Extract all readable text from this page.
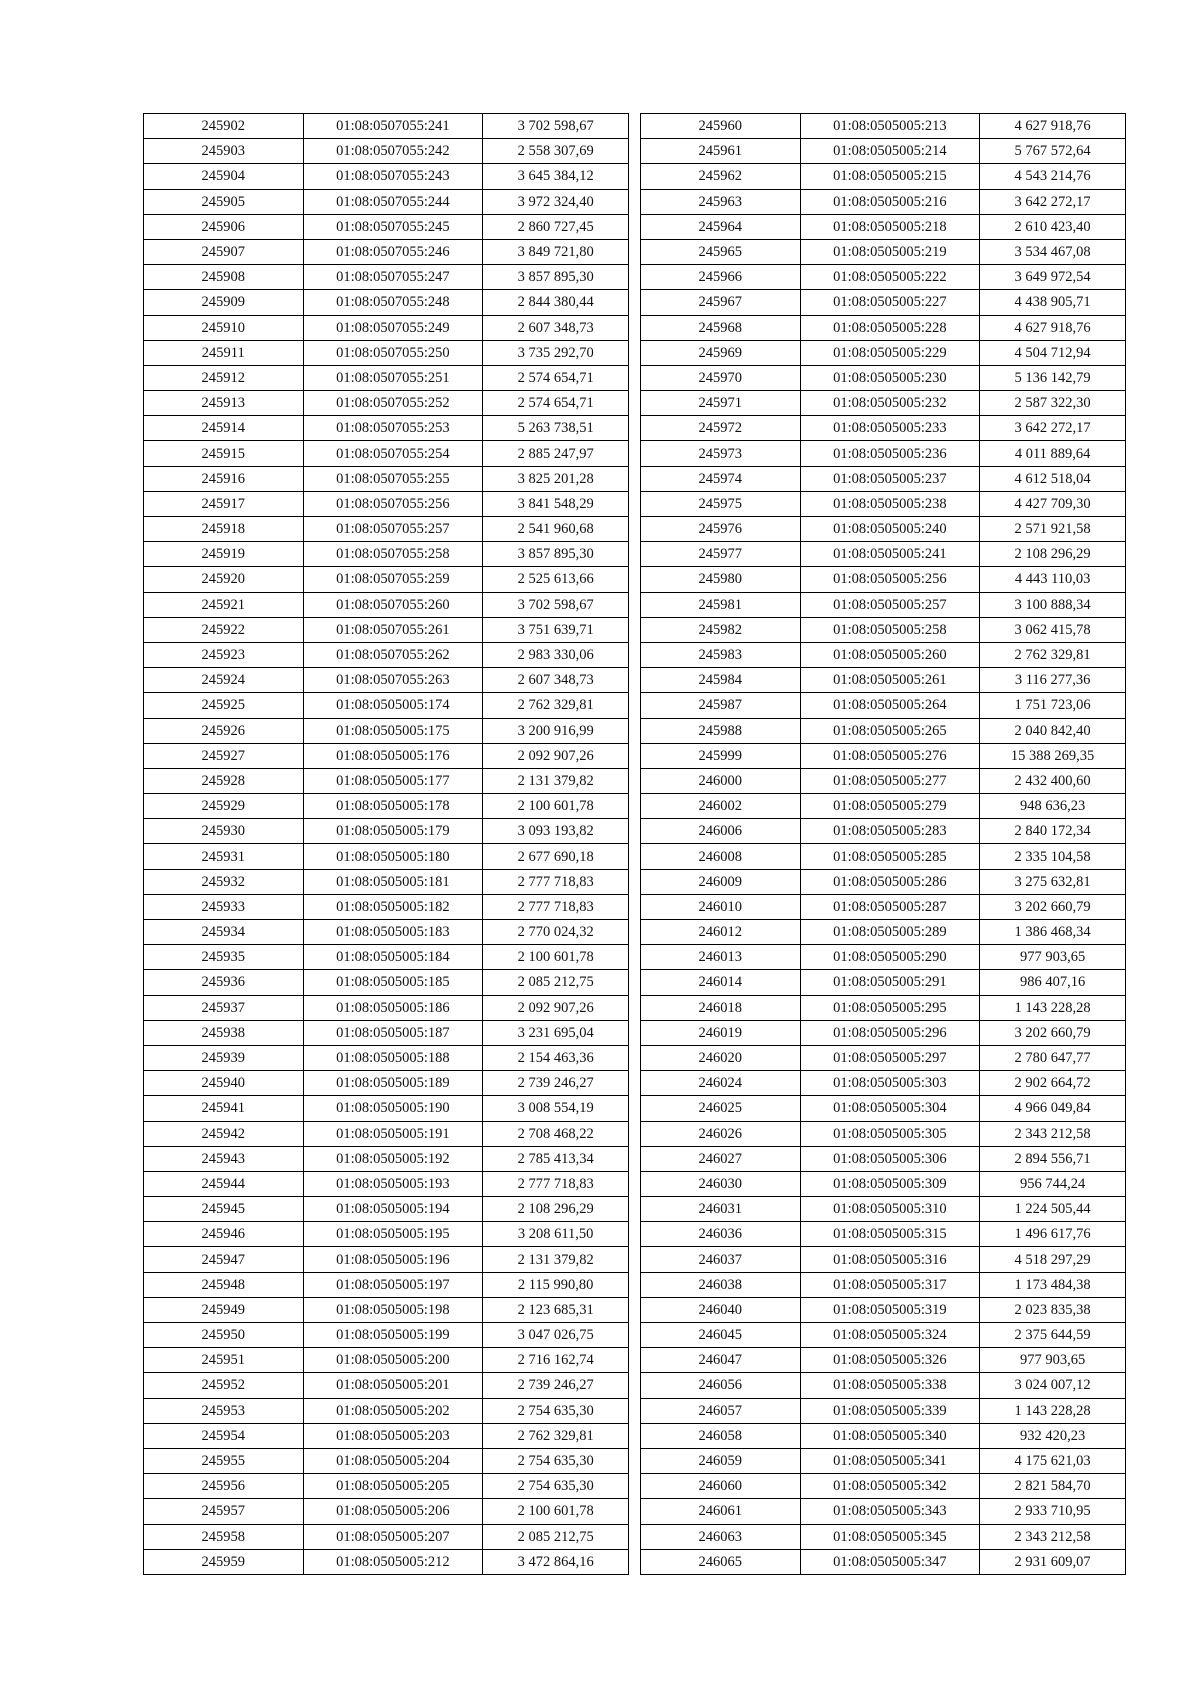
245902	01:08:0507055:241	3 702 598,67
245903	01:08:0507055:242	2 558 307,69
245904	01:08:0507055:243	3 645 384,12
245905	01:08:0507055:244	3 972 324,40
245906	01:08:0507055:245	2 860 727,45
245907	01:08:0507055:246	3 849 721,80
245908	01:08:0507055:247	3 857 895,30
245909	01:08:0507055:248	2 844 380,44
245910	01:08:0507055:249	2 607 348,73
245911	01:08:0507055:250	3 735 292,70
245912	01:08:0507055:251	2 574 654,71
245913	01:08:0507055:252	2 574 654,71
245914	01:08:0507055:253	5 263 738,51
245915	01:08:0507055:254	2 885 247,97
245916	01:08:0507055:255	3 825 201,28
245917	01:08:0507055:256	3 841 548,29
245918	01:08:0507055:257	2 541 960,68
245919	01:08:0507055:258	3 857 895,30
245920	01:08:0507055:259	2 525 613,66
245921	01:08:0507055:260	3 702 598,67
245922	01:08:0507055:261	3 751 639,71
245923	01:08:0507055:262	2 983 330,06
245924	01:08:0507055:263	2 607 348,73
245925	01:08:0505005:174	2 762 329,81
245926	01:08:0505005:175	3 200 916,99
245927	01:08:0505005:176	2 092 907,26
245928	01:08:0505005:177	2 131 379,82
245929	01:08:0505005:178	2 100 601,78
245930	01:08:0505005:179	3 093 193,82
245931	01:08:0505005:180	2 677 690,18
245932	01:08:0505005:181	2 777 718,83
245933	01:08:0505005:182	2 777 718,83
245934	01:08:0505005:183	2 770 024,32
245935	01:08:0505005:184	2 100 601,78
245936	01:08:0505005:185	2 085 212,75
245937	01:08:0505005:186	2 092 907,26
245938	01:08:0505005:187	3 231 695,04
245939	01:08:0505005:188	2 154 463,36
245940	01:08:0505005:189	2 739 246,27
245941	01:08:0505005:190	3 008 554,19
245942	01:08:0505005:191	2 708 468,22
245943	01:08:0505005:192	2 785 413,34
245944	01:08:0505005:193	2 777 718,83
245945	01:08:0505005:194	2 108 296,29
245946	01:08:0505005:195	3 208 611,50
245947	01:08:0505005:196	2 131 379,82
245948	01:08:0505005:197	2 115 990,80
245949	01:08:0505005:198	2 123 685,31
245950	01:08:0505005:199	3 047 026,75
245951	01:08:0505005:200	2 716 162,74
245952	01:08:0505005:201	2 739 246,27
245953	01:08:0505005:202	2 754 635,30
245954	01:08:0505005:203	2 762 329,81
245955	01:08:0505005:204	2 754 635,30
245956	01:08:0505005:205	2 754 635,30
245957	01:08:0505005:206	2 100 601,78
245958	01:08:0505005:207	2 085 212,75
245959	01:08:0505005:212	3 472 864,16
245960	01:08:0505005:213	4 627 918,76
245961	01:08:0505005:214	5 767 572,64
245962	01:08:0505005:215	4 543 214,76
245963	01:08:0505005:216	3 642 272,17
245964	01:08:0505005:218	2 610 423,40
245965	01:08:0505005:219	3 534 467,08
245966	01:08:0505005:222	3 649 972,54
245967	01:08:0505005:227	4 438 905,71
245968	01:08:0505005:228	4 627 918,76
245969	01:08:0505005:229	4 504 712,94
245970	01:08:0505005:230	5 136 142,79
245971	01:08:0505005:232	2 587 322,30
245972	01:08:0505005:233	3 642 272,17
245973	01:08:0505005:236	4 011 889,64
245974	01:08:0505005:237	4 612 518,04
245975	01:08:0505005:238	4 427 709,30
245976	01:08:0505005:240	2 571 921,58
245977	01:08:0505005:241	2 108 296,29
245980	01:08:0505005:256	4 443 110,03
245981	01:08:0505005:257	3 100 888,34
245982	01:08:0505005:258	3 062 415,78
245983	01:08:0505005:260	2 762 329,81
245984	01:08:0505005:261	3 116 277,36
245987	01:08:0505005:264	1 751 723,06
245988	01:08:0505005:265	2 040 842,40
245999	01:08:0505005:276	15 388 269,35
246000	01:08:0505005:277	2 432 400,60
246002	01:08:0505005:279	948 636,23
246006	01:08:0505005:283	2 840 172,34
246008	01:08:0505005:285	2 335 104,58
246009	01:08:0505005:286	3 275 632,81
246010	01:08:0505005:287	3 202 660,79
246012	01:08:0505005:289	1 386 468,34
246013	01:08:0505005:290	977 903,65
246014	01:08:0505005:291	986 407,16
246018	01:08:0505005:295	1 143 228,28
246019	01:08:0505005:296	3 202 660,79
246020	01:08:0505005:297	2 780 647,77
246024	01:08:0505005:303	2 902 664,72
246025	01:08:0505005:304	4 966 049,84
246026	01:08:0505005:305	2 343 212,58
246027	01:08:0505005:306	2 894 556,71
246030	01:08:0505005:309	956 744,24
246031	01:08:0505005:310	1 224 505,44
246036	01:08:0505005:315	1 496 617,76
246037	01:08:0505005:316	4 518 297,29
246038	01:08:0505005:317	1 173 484,38
246040	01:08:0505005:319	2 023 835,38
246045	01:08:0505005:324	2 375 644,59
246047	01:08:0505005:326	977 903,65
246056	01:08:0505005:338	3 024 007,12
246057	01:08:0505005:339	1 143 228,28
246058	01:08:0505005:340	932 420,23
246059	01:08:0505005:341	4 175 621,03
246060	01:08:0505005:342	2 821 584,70
246061	01:08:0505005:343	2 933 710,95
246063	01:08:0505005:345	2 343 212,58
246065	01:08:0505005:347	2 931 609,07
